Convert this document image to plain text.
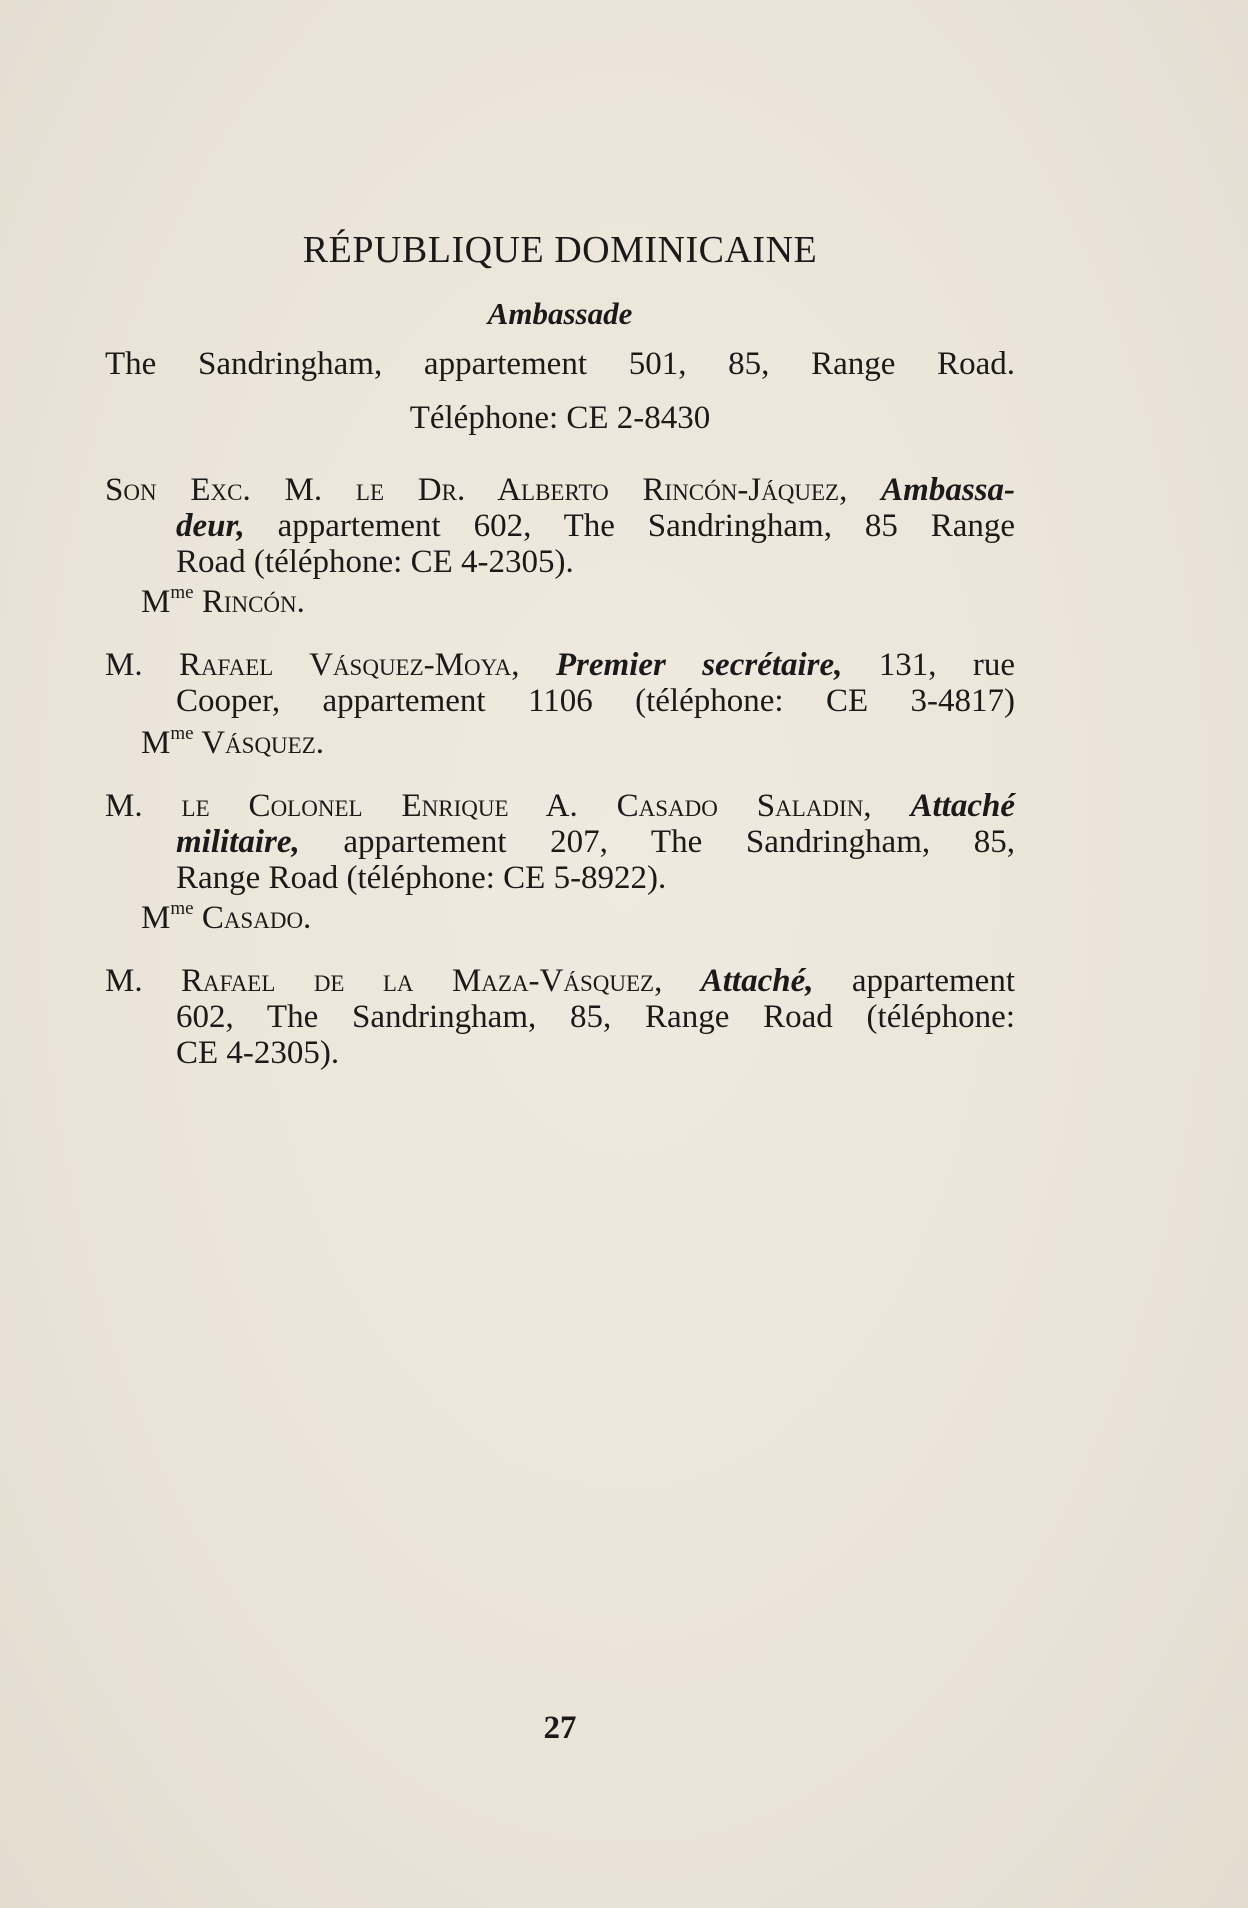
RÉPUBLIQUE DOMINICAINE
Ambassade
The Sandringham, appartement 501, 85, Range Road.
Téléphone: CE 2-8430
Son Exc. M. le Dr. Alberto Rincón-Jáquez, Ambassa-
deur, appartement 602, The Sandringham, 85 Range
Road (téléphone: CE 4-2305).
$M^{me}$ Rincón.
M. Rafael Vásquez-Moya, Premier secrétaire, 131, rue
Cooper, appartement 1106 (téléphone: CE 3-4817)
$M^{me}$ Vásquez.
M. le Colonel Enrique A. Casado Saladin, Attaché
militaire, appartement 207, The Sandringham, 85,
Range Road (téléphone: CE 5-8922).
$M^{me}$ Casado.
M. Rafael de la Maza-Vásquez, Attaché, appartement
602, The Sandringham, 85, Range Road (téléphone:
CE 4-2305).
27
